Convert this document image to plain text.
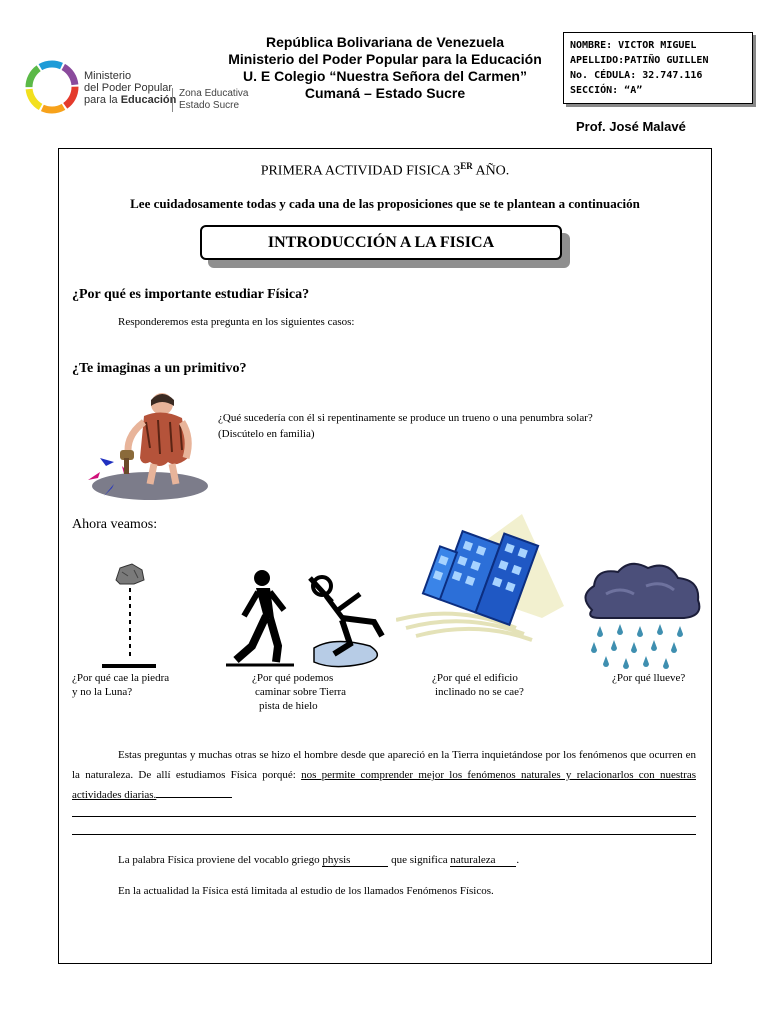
Ministerio
del Poder Popular
para la Educación
Zona Educativa
Estado Sucre
República Bolivariana de Venezuela
Ministerio del Poder Popular para la Educación
U. E Colegio “Nuestra Señora del Carmen”
Cumaná – Estado Sucre
NOMBRE: VICTOR MIGUEL
APELLIDO:PATIÑO GUILLEN
No. CÉDULA: 32.747.116
SECCIÓN: “A”
Prof. José Malavé
PRIMERA ACTIVIDAD FISICA 3ER AÑO.
Lee cuidadosamente todas y cada una de las proposiciones que se te plantean a continuación
INTRODUCCIÓN A LA FISICA
¿Por qué es importante estudiar Física?
Responderemos esta pregunta en los siguientes casos:
¿Te imaginas a un primitivo?
¿Qué sucedería con él si repentinamente se produce un trueno o una penumbra solar?
(Discútelo en familia)
Ahora veamos:
¿Por qué cae la piedra
y no la Luna?
¿Por qué podemos
caminar sobre Tierra
pista de hielo
¿Por qué el edificio
inclinado no se cae?
¿Por qué llueve?
Estas preguntas y muchas otras se hizo el hombre desde que apareció en la Tierra inquietándose por los fenómenos que ocurren en la naturaleza. De allí estudiamos Física porqué: nos permite comprender mejor los fenómenos naturales y relacionarlos con nuestras actividades diarias.
La palabra Física proviene del vocablo griego physis	que significa naturaleza .
En la actualidad la Física está limitada al estudio de los llamados Fenómenos Físicos.
